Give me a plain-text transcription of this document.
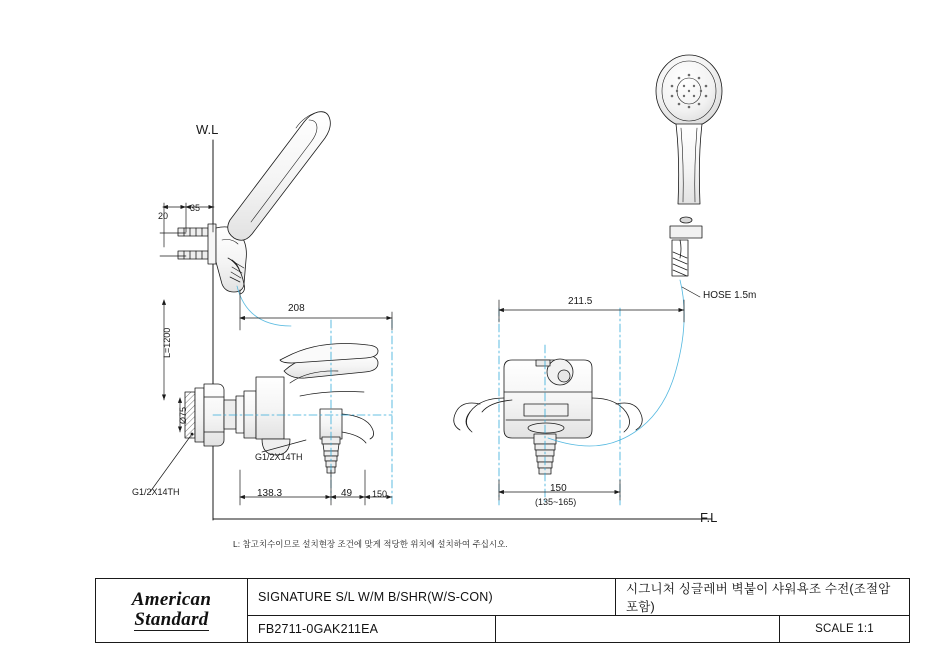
W.L
F.L
20
35
L=1200
Ø75
208
138.3	49 150
211.5
150
(135~165)
HOSE 1.5m
G1/2X14TH
G1/2X14TH
L: 참고치수이므로 설치현장 조건에 맞게 적당한 위치에 설치하여 주십시오.
American
Standard
SIGNATURE S/L W/M B/SHR(W/S-CON)
시그니처 싱글레버 벽붙이 샤워욕조 수전(조절암 포함)
FB2711-0GAK211EA	SCALE 1:1
